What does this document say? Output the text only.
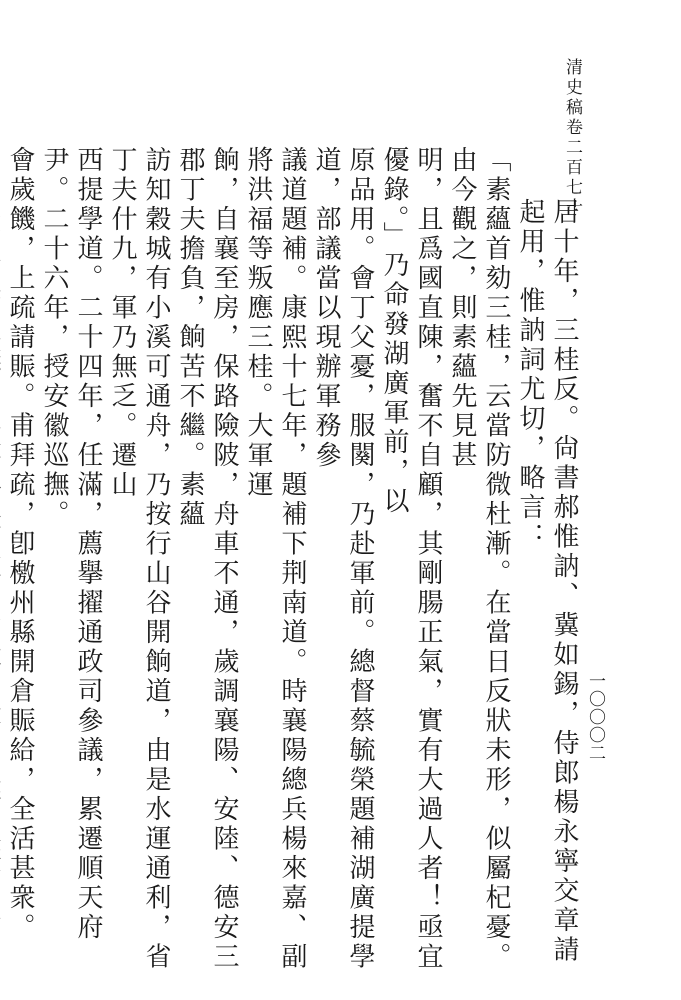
清史稿卷二百七十
一〇〇〇二

居十年，三桂反。尙書郝惟訥、冀如錫，侍郎楊永寧交章請起用，惟訥詞尤切，略言：

「素蘊首劾三桂，云當防微杜漸。在當日反狀未形，似屬杞憂。由今觀之，則素蘊先見甚

明，且爲國直陳，奮不自顧，其剛腸正氣，實有大過人者！亟宜優錄。」乃命發湖廣軍前，以

原品用。會丁父憂，服闋，乃赴軍前。總督蔡毓榮題補湖廣提學道，部議當以現辦軍務參

議道題補。康熙十七年，題補下荆南道。時襄陽總兵楊來嘉、副將洪福等叛應三桂。大軍運

餉，自襄至房，保路險陂，舟車不通，歲調襄陽、安陸、德安三郡丁夫擔負，餉苦不繼。素蘊

訪知穀城有小溪可通舟，乃按行山谷開餉道，由是水運通利，省丁夫什九，軍乃無乏。遷山

西提學道。二十四年，任滿，薦擧擢通政司參議，累遷順天府尹。二十六年，授安徽巡撫。

會歲饑，上疏請賑。甫拜疏，卽檄州縣開倉賑給，全活甚衆。
